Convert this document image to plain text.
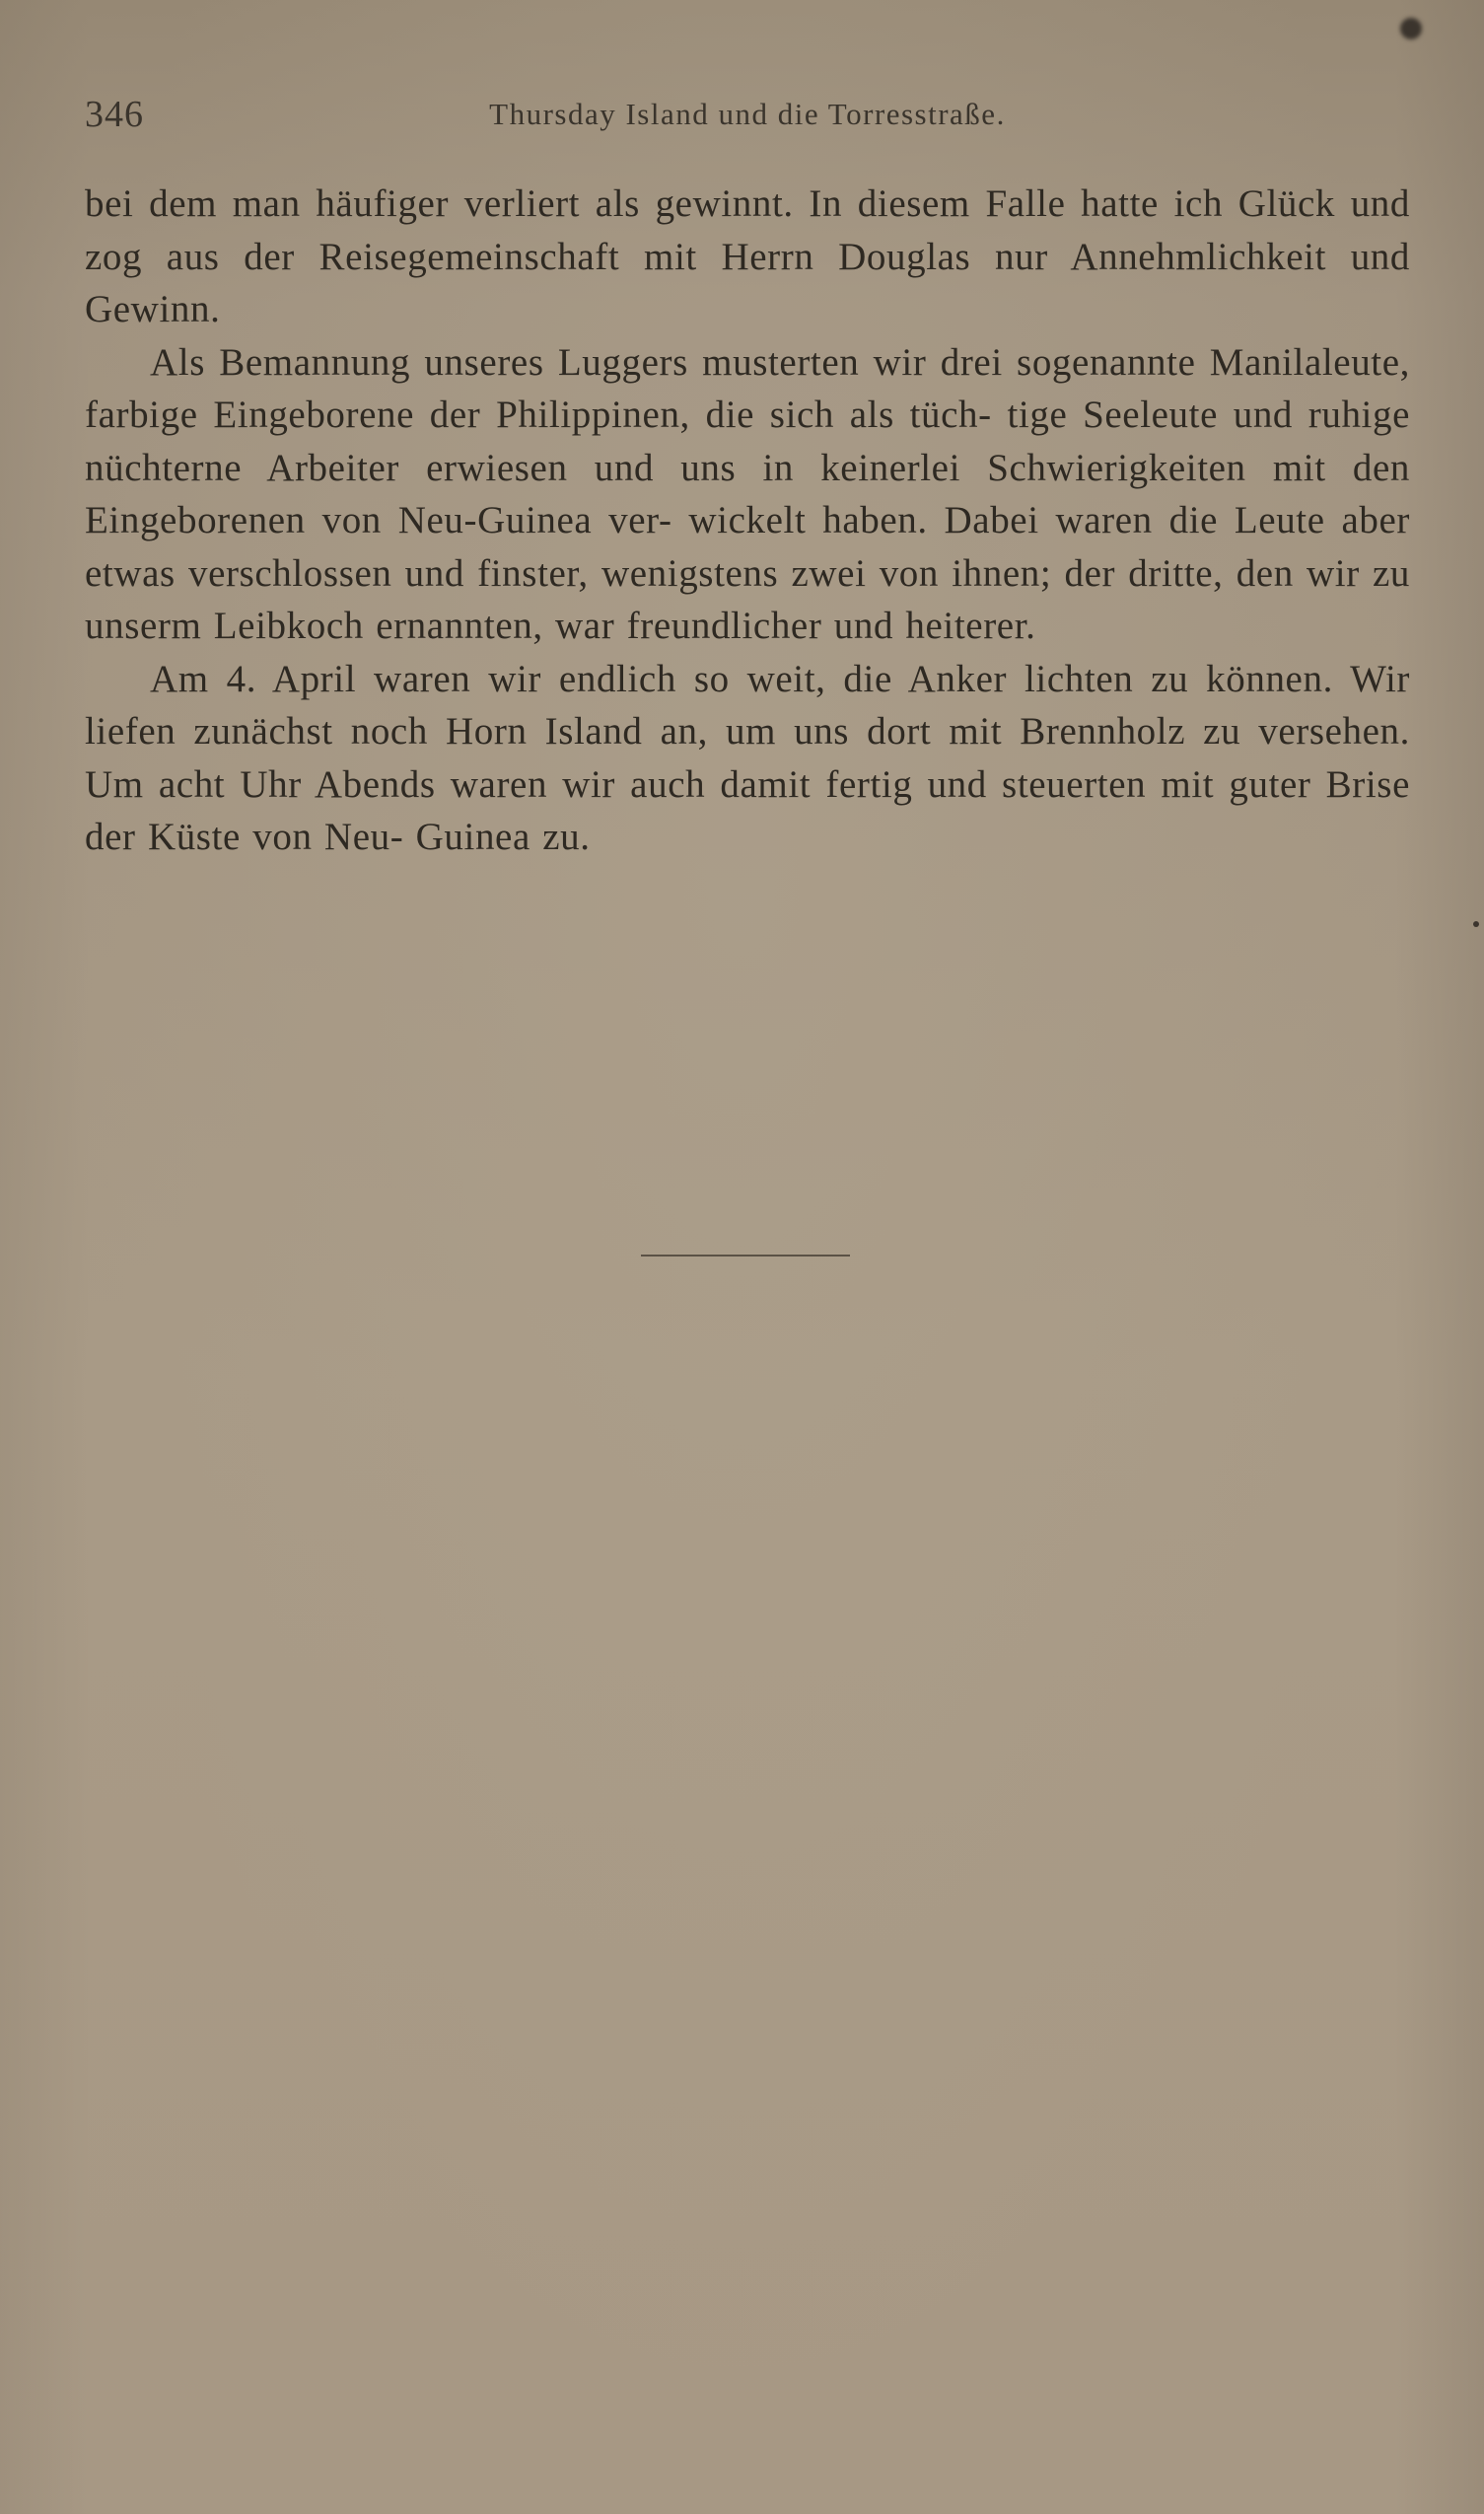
346	Thursday Island und die Torresstraße.

bei dem man häufiger verliert als gewinnt. In diesem Falle hatte ich Glück und zog aus der Reisegemeinschaft mit Herrn Douglas nur Annehmlichkeit und Gewinn.

Als Bemannung unseres Luggers musterten wir drei sogenannte Manilaleute, farbige Eingeborene der Philippinen, die sich als tüch- tige Seeleute und ruhige nüchterne Arbeiter erwiesen und uns in keinerlei Schwierigkeiten mit den Eingeborenen von Neu-Guinea ver- wickelt haben. Dabei waren die Leute aber etwas verschlossen und finster, wenigstens zwei von ihnen; der dritte, den wir zu unserm Leibkoch ernannten, war freundlicher und heiterer.

Am 4. April waren wir endlich so weit, die Anker lichten zu können. Wir liefen zunächst noch Horn Island an, um uns dort mit Brennholz zu versehen. Um acht Uhr Abends waren wir auch damit fertig und steuerten mit guter Brise der Küste von Neu- Guinea zu.
